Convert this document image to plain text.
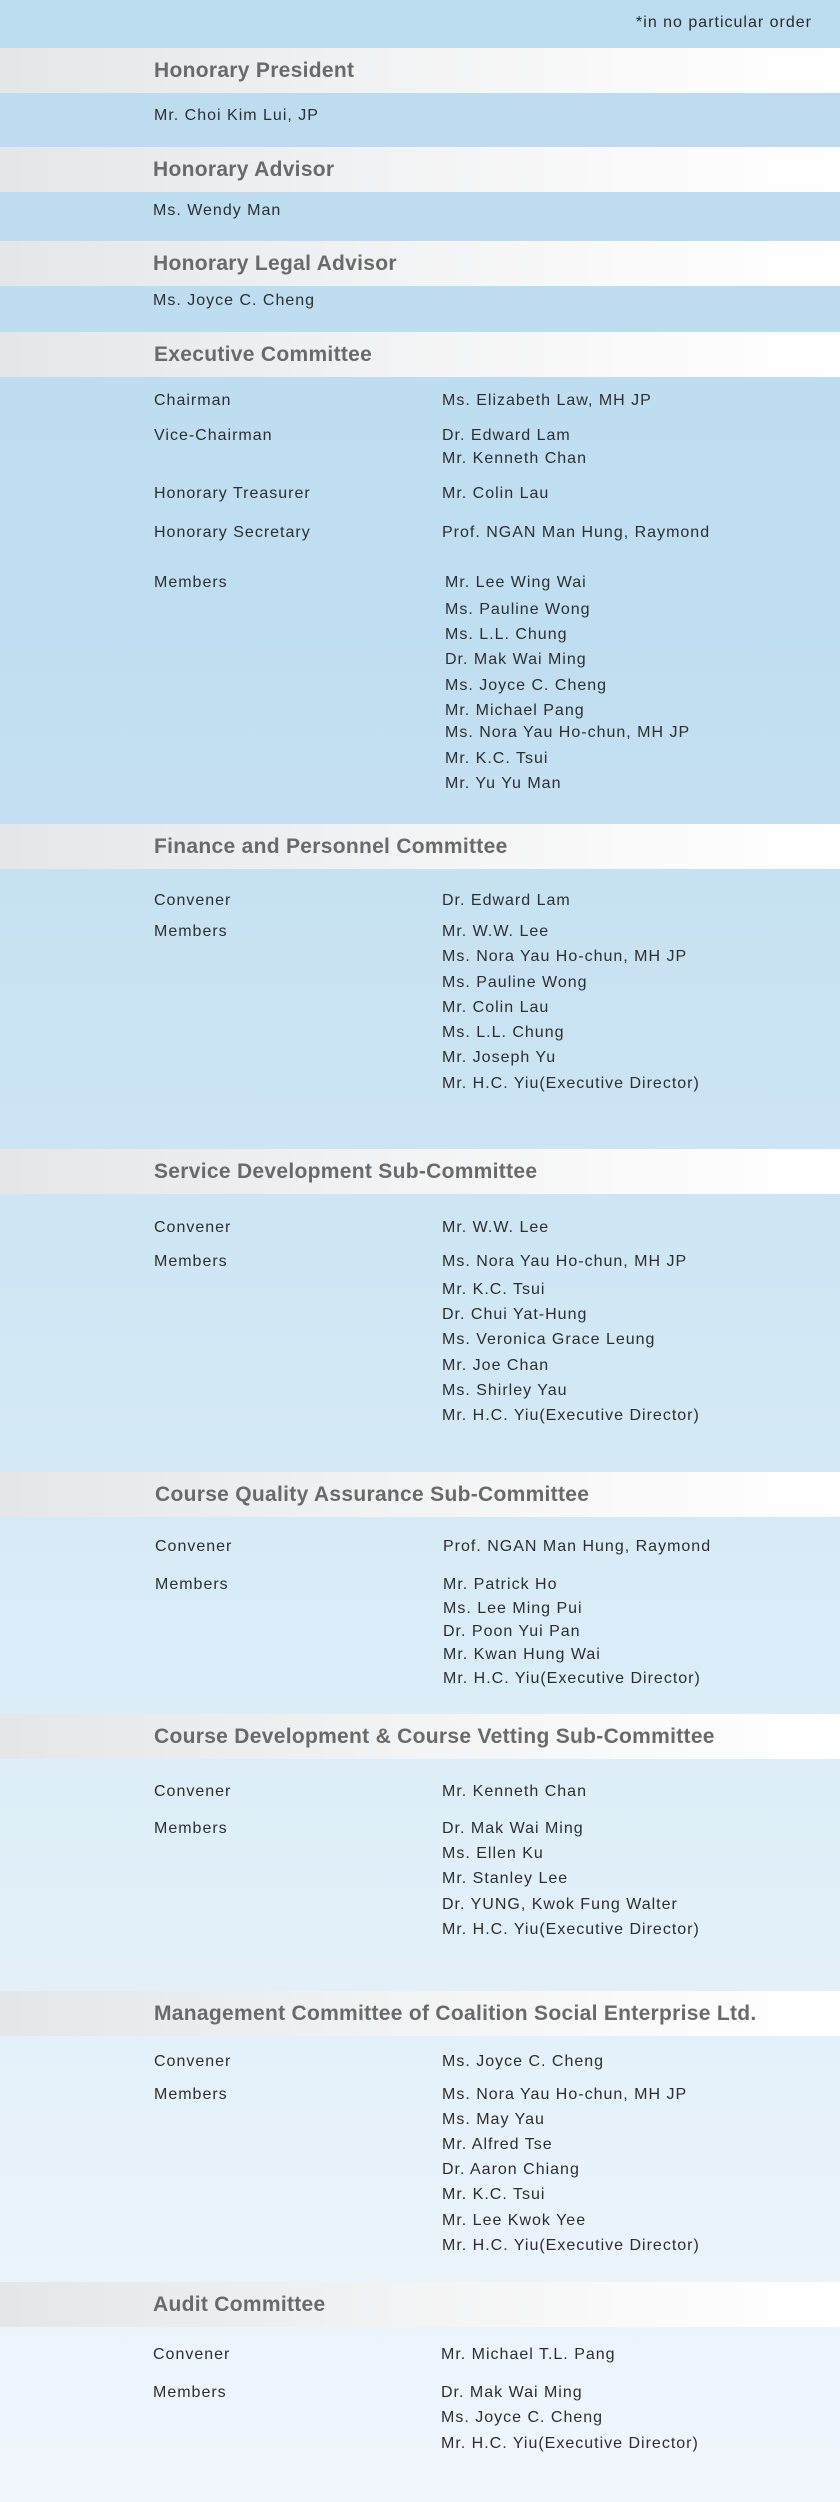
*in no particular order
Honorary President
Mr. Choi Kim Lui, JP
Honorary Advisor
Ms. Wendy Man
Honorary Legal Advisor
Ms. Joyce C. Cheng
Executive Committee
Chairman	Ms. Elizabeth Law, MH JP
Vice-Chairman	Dr. Edward Lam
Mr. Kenneth Chan
Honorary Treasurer	Mr. Colin Lau
Honorary Secretary	Prof. NGAN Man Hung, Raymond
Members	Mr. Lee Wing Wai
Ms. Pauline Wong
Ms. L.L. Chung
Dr. Mak Wai Ming
Ms. Joyce C. Cheng
Mr. Michael Pang
Ms. Nora Yau Ho-chun, MH JP
Mr. K.C. Tsui
Mr. Yu Yu Man
Finance and Personnel Committee
Convener	Dr. Edward Lam
Members	Mr. W.W. Lee
Ms. Nora Yau Ho-chun, MH JP
Ms. Pauline Wong
Mr. Colin Lau
Ms. L.L. Chung
Mr. Joseph Yu
Mr. H.C. Yiu(Executive Director)
Service Development Sub-Committee
Convener	Mr. W.W. Lee
Members	Ms. Nora Yau Ho-chun, MH JP
Mr. K.C. Tsui
Dr. Chui Yat-Hung
Ms. Veronica Grace Leung
Mr. Joe Chan
Ms. Shirley Yau
Mr. H.C. Yiu(Executive Director)
Course Quality Assurance Sub-Committee
Convener	Prof. NGAN Man Hung, Raymond
Members	Mr. Patrick Ho
Ms. Lee Ming Pui
Dr. Poon Yui Pan
Mr. Kwan Hung Wai
Mr. H.C. Yiu(Executive Director)
Course Development & Course Vetting Sub-Committee
Convener	Mr. Kenneth Chan
Members	Dr. Mak Wai Ming
Ms. Ellen Ku
Mr. Stanley Lee
Dr. YUNG, Kwok Fung Walter
Mr. H.C. Yiu(Executive Director)
Management Committee of Coalition Social Enterprise Ltd.
Convener	Ms. Joyce C. Cheng
Members	Ms. Nora Yau Ho-chun, MH JP
Ms. May Yau
Mr. Alfred Tse
Dr. Aaron Chiang
Mr. K.C. Tsui
Mr. Lee Kwok Yee
Mr. H.C. Yiu(Executive Director)
Audit Committee
Convener	Mr. Michael T.L. Pang
Members	Dr. Mak Wai Ming
Ms. Joyce C. Cheng
Mr. H.C. Yiu(Executive Director)
